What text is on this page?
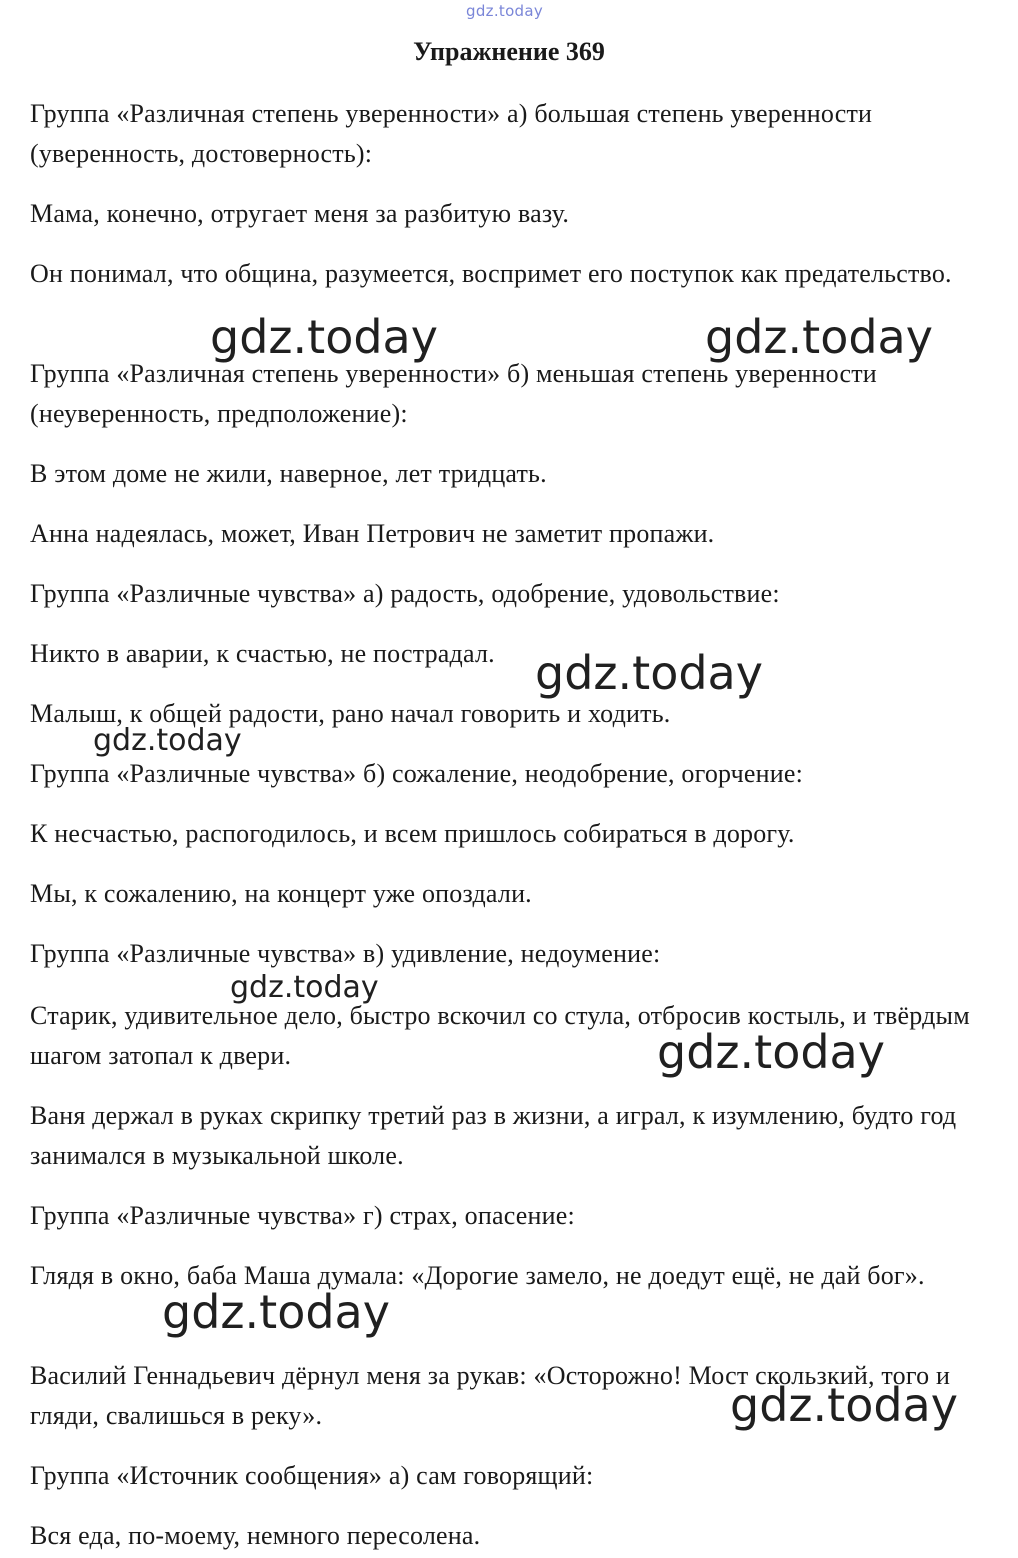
gdz.today
Упражнение 369

Группа «Различная степень уверенности» а) большая степень уверенности (уверенность, достоверность):

Мама, конечно, отругает меня за разбитую вазу.

Он понимал, что община, разумеется, воспримет его поступок как предательство.

Группа «Различная степень уверенности» б) меньшая степень уверенности (неуверенность, предположение):

В этом доме не жили, наверное, лет тридцать.

Анна надеялась, может, Иван Петрович не заметит пропажи.

Группа «Различные чувства» а) радость, одобрение, удовольствие:

Никто в аварии, к счастью, не пострадал.

Малыш, к общей радости, рано начал говорить и ходить.

Группа «Различные чувства» б) сожаление, неодобрение, огорчение:

К несчастью, распогодилось, и всем пришлось собираться в дорогу.

Мы, к сожалению, на концерт уже опоздали.

Группа «Различные чувства» в) удивление, недоумение:

Старик, удивительное дело, быстро вскочил со стула, отбросив костыль, и твёрдым шагом затопал к двери.

Ваня держал в руках скрипку третий раз в жизни, а играл, к изумлению, будто год занимался в музыкальной школе.

Группа «Различные чувства» г) страх, опасение:

Глядя в окно, баба Маша думала: «Дорогие замело, не доедут ещё, не дай бог».

Василий Геннадьевич дёрнул меня за рукав: «Осторожно! Мост скользкий, того и гляди, свалишься в реку».

Группа «Источник сообщения» а) сам говорящий:

Вся еда, по-моему, немного пересолена.

gdz.today	gdz.today
gdz.today
gdz.today
gdz.today
gdz.today
gdz.today
gdz.today
